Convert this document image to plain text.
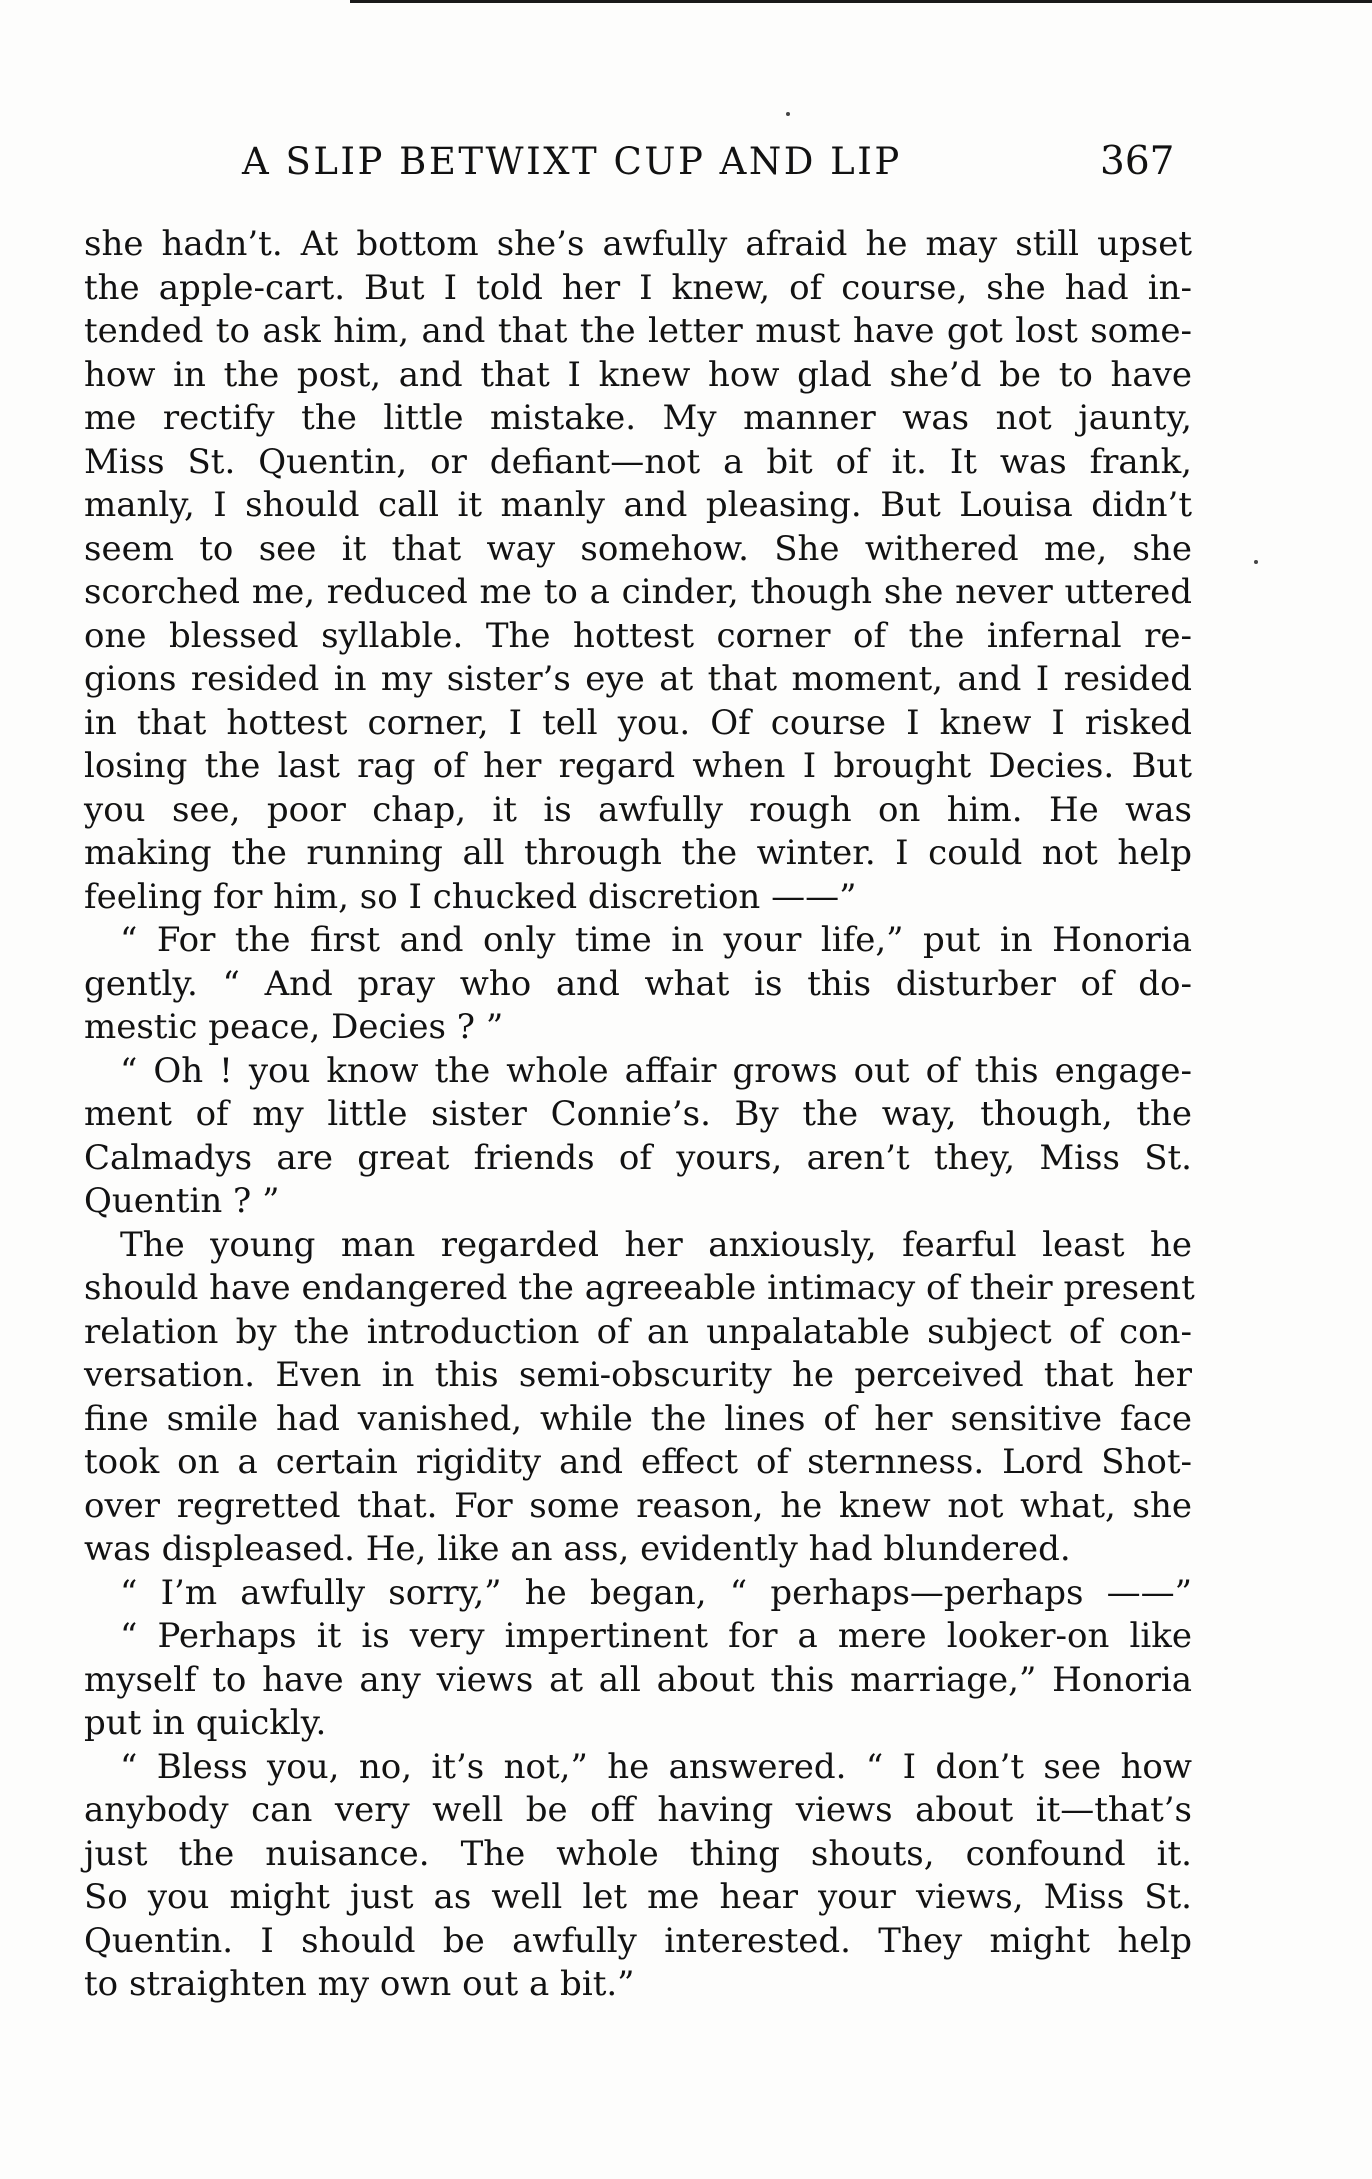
A SLIP BETWIXT CUP AND LIP	367
she hadn’t. At bottom she’s awfully afraid he may still upset
the apple-cart. But I told her I knew, of course, she had in-
tended to ask him, and that the letter must have got lost some-
how in the post, and that I knew how glad she’d be to have
me rectify the little mistake. My manner was not jaunty,
Miss St. Quentin, or defiant—not a bit of it. It was frank,
manly, I should call it manly and pleasing. But Louisa didn’t
seem to see it that way somehow. She withered me, she
scorched me, reduced me to a cinder, though she never uttered
one blessed syllable. The hottest corner of the infernal re-
gions resided in my sister’s eye at that moment, and I resided
in that hottest corner, I tell you. Of course I knew I risked
losing the last rag of her regard when I brought Decies. But
you see, poor chap, it is awfully rough on him. He was
making the running all through the winter. I could not help
feeling for him, so I chucked discretion ——”
“ For the first and only time in your life,” put in Honoria
gently. “ And pray who and what is this disturber of do-
mestic peace, Decies ? ”
“ Oh ! you know the whole affair grows out of this engage-
ment of my little sister Connie’s. By the way, though, the
Calmadys are great friends of yours, aren’t they, Miss St.
Quentin ? ”
The young man regarded her anxiously, fearful least he
should have endangered the agreeable intimacy of their present
relation by the introduction of an unpalatable subject of con-
versation. Even in this semi-obscurity he perceived that her
fine smile had vanished, while the lines of her sensitive face
took on a certain rigidity and effect of sternness. Lord Shot-
over regretted that. For some reason, he knew not what, she
was displeased. He, like an ass, evidently had blundered.
“ I’m awfully sorry,” he began, “ perhaps—perhaps ——”
“ Perhaps it is very impertinent for a mere looker-on like
myself to have any views at all about this marriage,” Honoria
put in quickly.
“ Bless you, no, it’s not,” he answered. “ I don’t see how
anybody can very well be off having views about it—that’s
just the nuisance. The whole thing shouts, confound it.
So you might just as well let me hear your views, Miss St.
Quentin. I should be awfully interested. They might help
to straighten my own out a bit.”
